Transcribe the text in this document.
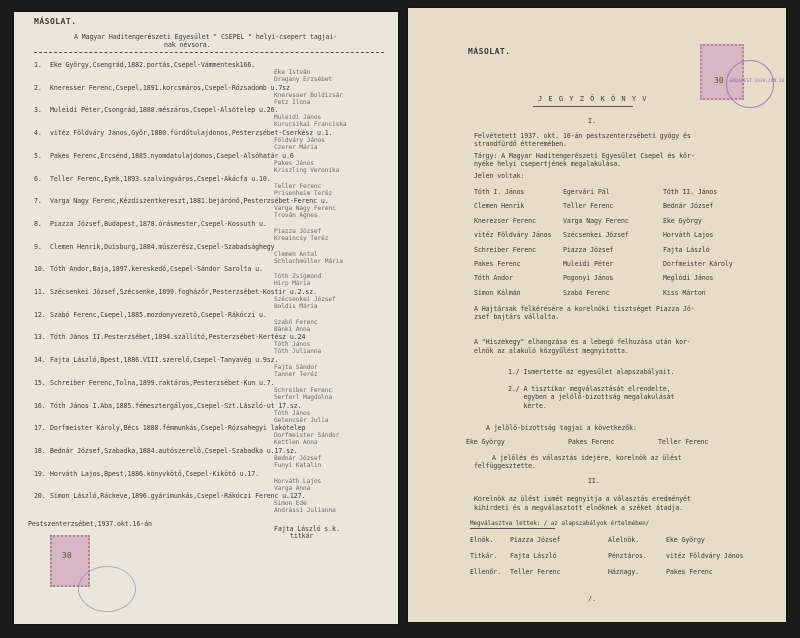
MÁSOLAT.
A Magyar Haditengerészeti Egyesület " CSEPEL " helyi-csepert tagjai-
nak névsora.
Pestszenterzsébet,1937.okt.16-án
Fajta László s.k.
titkár
30
1. Eke György,Csengrád,1882.portás,Csepel-Vámmentesk166.
Eke István
Dragany Erzsébet
2. Kneresser Ferenc,Csepel,1891.korcsmáros,Csepel-Rózsadomb u.7sz
Kneresser Boldizsár
Fetz Ilona
3. Muleidi Péter,Csongrád,1888.mészáros,Csepel-Alsótelep u.26.
Muleidi János
Kurucsikai Franciska
4. vitéz Földváry János,Győr,1880.fürdőtulajdonos,Pesterzsébet-Cserkész u.1.
Földváry János
Czerer Mária
5. Pakes Ferenc,Ercsénd,1885.nyomdatulajdonos,Csepel-Alsóhatár u.6
Pakes János
Kriszling Veronika
6. Teller Ferenc,Eyek,1893.szalvingváros,Csepel-Akácfa u.10.
Teller Ferenc
Prisenheim Teréz
7. Varga Nagy Ferenc,Kézdiszentkereszt,1881.bejárónő,Pesterzsébet-Ferenc u.
Varga Nagy Ferenc
Trován Agnes
8. Piazza József,Budapest,1878.órásmester,Csepel-Kossuth u.
Piazza József
Kreaincsy Teréz
9. Clemen Henrik,Duisburg,1884.műszerész,Csepel-Szabadsághegy
Clemen Antal
Schlachmüller Mária
10. Tóth Andor,Baja,1897.kereskedő,Csepel-Sándor Sarolta u.
Tóth Zsigmond
Hirp Mária
11. Szécsenkei József,Szécsenke,1899.fogházőr,Pesterzsébet-Kostir u.2.sz.
Szécsenkei József
Boldis Mária
12. Szabó Ferenc,Csepel,1885.mozdonyvezető,Csepel-Rákóczi u.
Szabó Ferenc
Bánki Anna
13. Tóth János II.Pesterzsébet,1894.szállító,Pesterzsébet-Kertész u.24
Tóth János
Tóth Julianna
14. Fajta László,Bpest,1886.VIII.szerelő,Csepel-Tanyavég u.9sz.
Fajta Sándor
Tanner Teréz
15. Schreiber Ferenc,Tolna,1899.raktáros,Pesterzsébet-Kun u.7.
Schreiber Ferenc
Serferl Magdolna
16. Tóth János I.Aba,1885.fémesztergályos,Csepel-Szt.László-ut 17.sz.
Tóth János
Gelencsér Julia
17. Dorfmeister Károly,Bécs 1888.fémmunkás,Csepel-Rózsahegyi lakótelep
Dorfmeister Sándor
Kettlen Anna
18. Bednár József,Szabadka,1884.autószerelő,Csepel-Szabadka u.17.sz.
Bednár József
Funyi Katalin
19. Horváth Lajos,Bpest,1886.könyvkötő,Csepel-Kikötő u.17.
Horváth Lajos
Varga Anna
20. Simon László,Ráckeve,1896.gyárimunkás,Csepel-Rákóczi Ferenc u.127.
Simon Ede
Andrássi Julianna
MÁSOLAT.
J E G Y Z Ő K Ö N Y V
I.
Felvétetett 1937. okt. 16-án pestszenterzsébeti gyógy és
strandfürdő étteremében.
Tárgy: A Magyar Haditengerészeti Egyesület Csepel és kör-
nyéke helyi csepertjének megalakulása.
Jelen voltak:
A Hajtársak felkérésére a korelnöki tisztséget Piazza Jó-
zsef bajtárs vállalta.
A "Hiszekegy" elhangzása és a lebegő felhuzása után kor-
elnök az alakuló közgyűlést megnyitotta.
1./ Ismertette az egyesület alapszabályait.
2./ A tisztikar megválasztását elrendelte,
egyben a jelölő-bizottság megalakulását
kérte.
A jelölő-bizottság tagjai a következők:
Eke György	Pakes Ferenc	Teller Ferenc
A jelölés és választás idejére, korelnök az ülést
felfüggesztette.
II.
Korelnök az ülést ismét megnyitja a választás eredményét
kihirdeti és a megválasztott elnöknek a széket átadja.
Megválasztva lettek: / az alapszabályok értelmében/
/.
30 BUDAPEST 1939.JAN.18
Tóth I. János	Egervári Pál	Tóth II. János
Clemen Henrik	Teller Ferenc	Bednár József
Knerezser Ferenc	Varga Nagy Ferenc	Eke György
vitéz Földváry János Szécsenkei József	Horváth Lajos
Schreiber Ferenc	Piazza József	Fajta László
Pakes Ferenc	Muleidi Péter	Dorfmeister Károly
Tóth Andor	Pogonyi János	Meglódi János
Simon Kálmán	Szabó Ferenc	Kiss Márton
Elnök.	Piazza József	Alelnök.	Eke György
Titkár. Fajta László	Pénztáros.	vitéz Földváry János
Ellenőr. Teller Ferenc	Háznagy.	Pakes Ferenc
